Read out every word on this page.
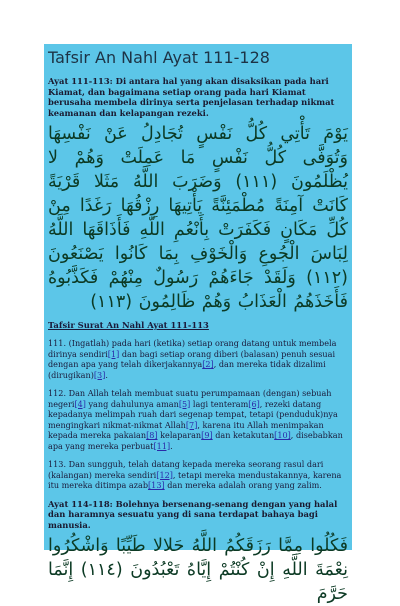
Tafsir An Nahl Ayat 111-128

Ayat 111-113: Di antara hal yang akan disaksikan pada hari Kiamat, dan bagaimana setiap orang pada hari Kiamat berusaha membela dirinya serta penjelasan terhadap nikmat keamanan dan kelapangan rezeki.

يَوْمَ تَأْتِي كُلُّ نَفْسٍ تُجَادِلُ عَنْ نَفْسِهَا وَتُوَفَّى كُلُّ نَفْسٍ مَا عَمِلَتْ وَهُمْ لا يُظْلَمُونَ (١١١) وَضَرَبَ اللَّهُ مَثَلا قَرْيَةً كَانَتْ آمِنَةً مُطْمَئِنَّةً يَأْتِيهَا رِزْقُهَا رَغَدًا مِنْ كُلِّ مَكَانٍ فَكَفَرَتْ بِأَنْعُمِ اللَّهِ فَأَذَاقَهَا اللَّهُ لِبَاسَ الْجُوعِ وَالْخَوْفِ بِمَا كَانُوا يَصْنَعُونَ (١١٢) وَلَقَدْ جَاءَهُمْ رَسُولٌ مِنْهُمْ فَكَذَّبُوهُ فَأَخَذَهُمُ الْعَذَابُ وَهُمْ ظَالِمُونَ (١١٣)

Tafsir Surat An Nahl Ayat 111-113

111. (Ingatlah) pada hari (ketika) setiap orang datang untuk membela dirinya sendiri[1] dan bagi setiap orang diberi (balasan) penuh sesuai dengan apa yang telah dikerjakannya[2], dan mereka tidak dizalimi (dirugikan)[3].

112. Dan Allah telah membuat suatu perumpamaan (dengan) sebuah negeri[4] yang dahulunya aman[5] lagi tenteram[6], rezeki datang kepadanya melimpah ruah dari segenap tempat, tetapi (penduduk)nya mengingkari nikmat-nikmat Allah[7], karena itu Allah menimpakan kepada mereka pakaian[8] kelaparan[9] dan ketakutan[10], disebabkan apa yang mereka perbuat[11].

113. Dan sungguh, telah datang kepada mereka seorang rasul dari (kalangan) mereka sendiri[12], tetapi mereka mendustakannya, karena itu mereka ditimpa azab[13] dan mereka adalah orang yang zalim.

Ayat 114-118: Bolehnya bersenang-senang dengan yang halal dan haramnya sesuatu yang di sana terdapat bahaya bagi manusia.

فَكُلُوا مِمَّا رَزَقَكُمُ اللَّهُ حَلالا طَيِّبًا وَاشْكُرُوا نِعْمَةَ اللَّهِ إِنْ كُنْتُمْ إِيَّاهُ تَعْبُدُونَ (١١٤) إِنَّمَا حَرَّمَ
